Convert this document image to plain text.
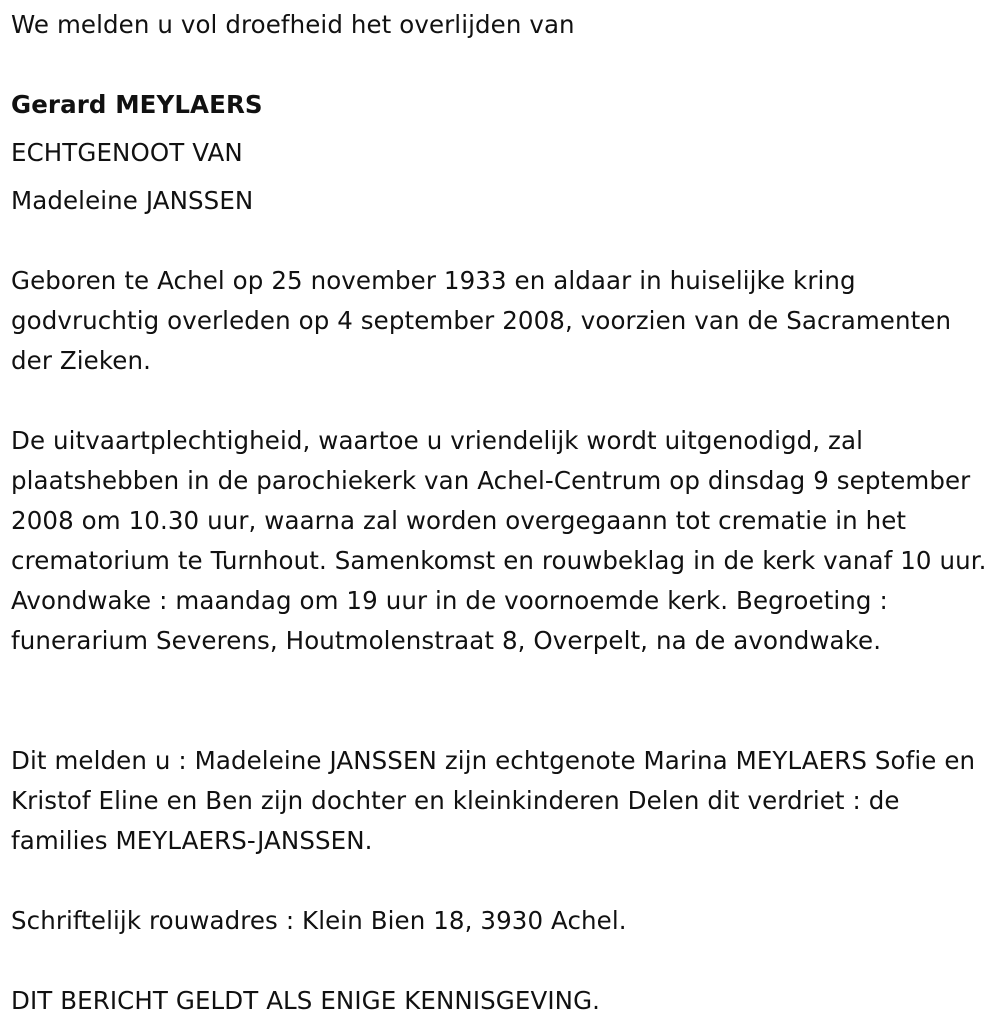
We melden u vol droefheid het overlijden van
Gerard MEYLAERS
ECHTGENOOT VAN
Madeleine JANSSEN

Geboren te Achel op 25 november 1933 en aldaar in huiselijke kring godvruchtig overleden op 4 september 2008, voorzien van de Sacramenten der Zieken.

De uitvaartplechtigheid, waartoe u vriendelijk wordt uitgenodigd, zal plaatshebben in de parochiekerk van Achel-Centrum op dinsdag 9 september 2008 om 10.30 uur, waarna zal worden overgegaann tot crematie in het crematorium te Turnhout. Samenkomst en rouwbeklag in de kerk vanaf 10 uur. Avondwake : maandag om 19 uur in de voornoemde kerk. Begroeting : funerarium Severens, Houtmolenstraat 8, Overpelt, na de avondwake.

Dit melden u : Madeleine JANSSEN zijn echtgenote Marina MEYLAERS Sofie en Kristof Eline en Ben zijn dochter en kleinkinderen Delen dit verdriet : de families MEYLAERS-JANSSEN.

Schriftelijk rouwadres : Klein Bien 18, 3930 Achel.
DIT BERICHT GELDT ALS ENIGE KENNISGEVING.
